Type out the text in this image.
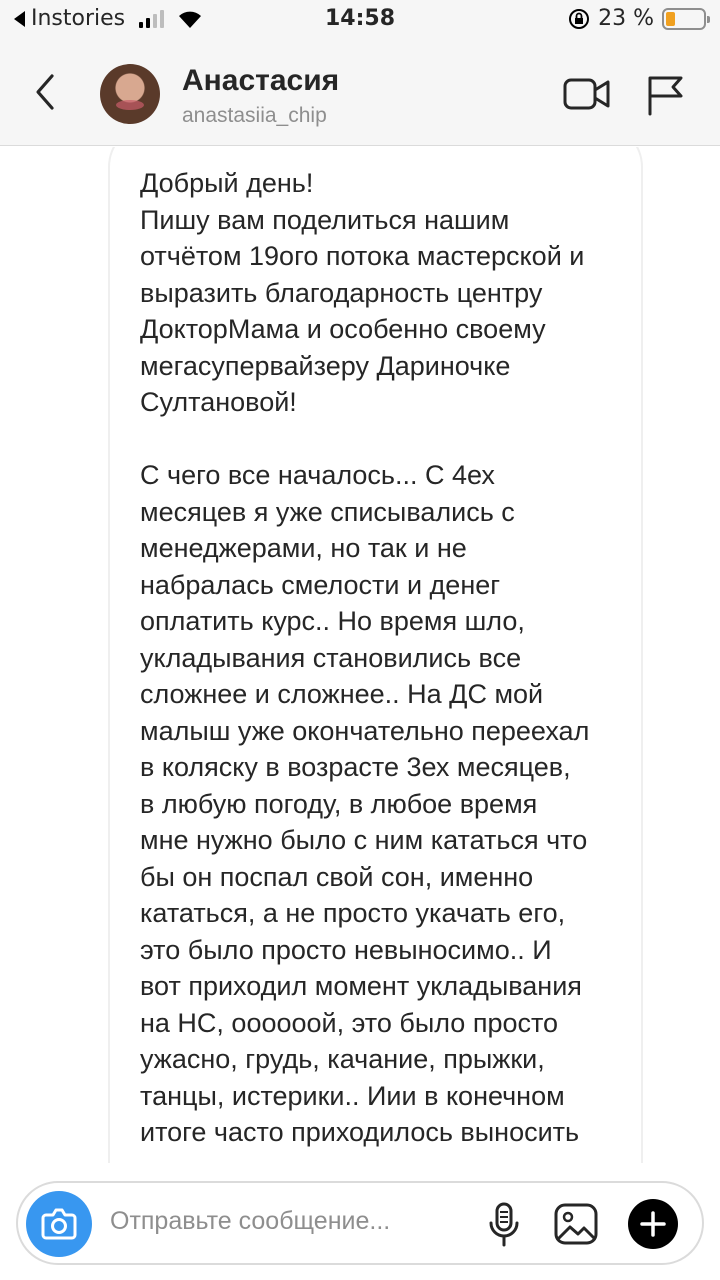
Instories	14:58	23 %
Анастасия
anastasiia_chip
Добрый день!
Пишу вам поделиться нашим
отчётом 19ого потока мастерской и
выразить благодарность центру
ДокторМама и особенно своему
мегасупервайзеру Дариночке
Султановой!
С чего все началось... С 4ех
месяцев я уже списывались с
менеджерами, но так и не
набралась смелости и денег
оплатить курс.. Но время шло,
укладывания становились все
сложнее и сложнее.. На ДС мой
малыш уже окончательно переехал
в коляску в возрасте 3ех месяцев,
в любую погоду, в любое время
мне нужно было с ним кататься что
бы он поспал свой сон, именно
кататься, а не просто укачать его,
это было просто невыносимо.. И
вот приходил момент укладывания
на НС, оооооой, это было просто
ужасно, грудь, качание, прыжки,
танцы, истерики.. Иии в конечном
итоге часто приходилось выносить
Отправьте сообщение...
